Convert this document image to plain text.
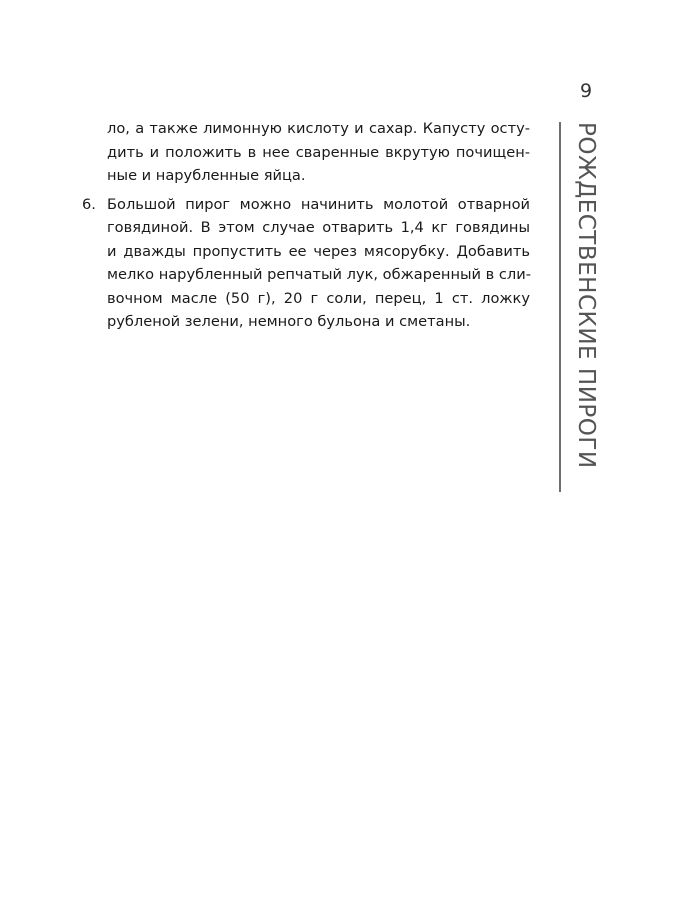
9
РОЖДЕСТВЕНСКИЕ ПИРОГИ
ло, а также лимонную кислоту и сахар. Капусту осту-
дить и положить в нее сваренные вкрутую почищен-
ные и нарубленные яйца.
6. Большой пирог можно начинить молотой отварной
говядиной. В этом случае отварить 1,4 кг говядины
и дважды пропустить ее через мясорубку. Добавить
мелко нарубленный репчатый лук, обжаренный в сли-
вочном масле (50 г), 20 г соли, перец, 1 ст. ложку
рубленой зелени, немного бульона и сметаны.
